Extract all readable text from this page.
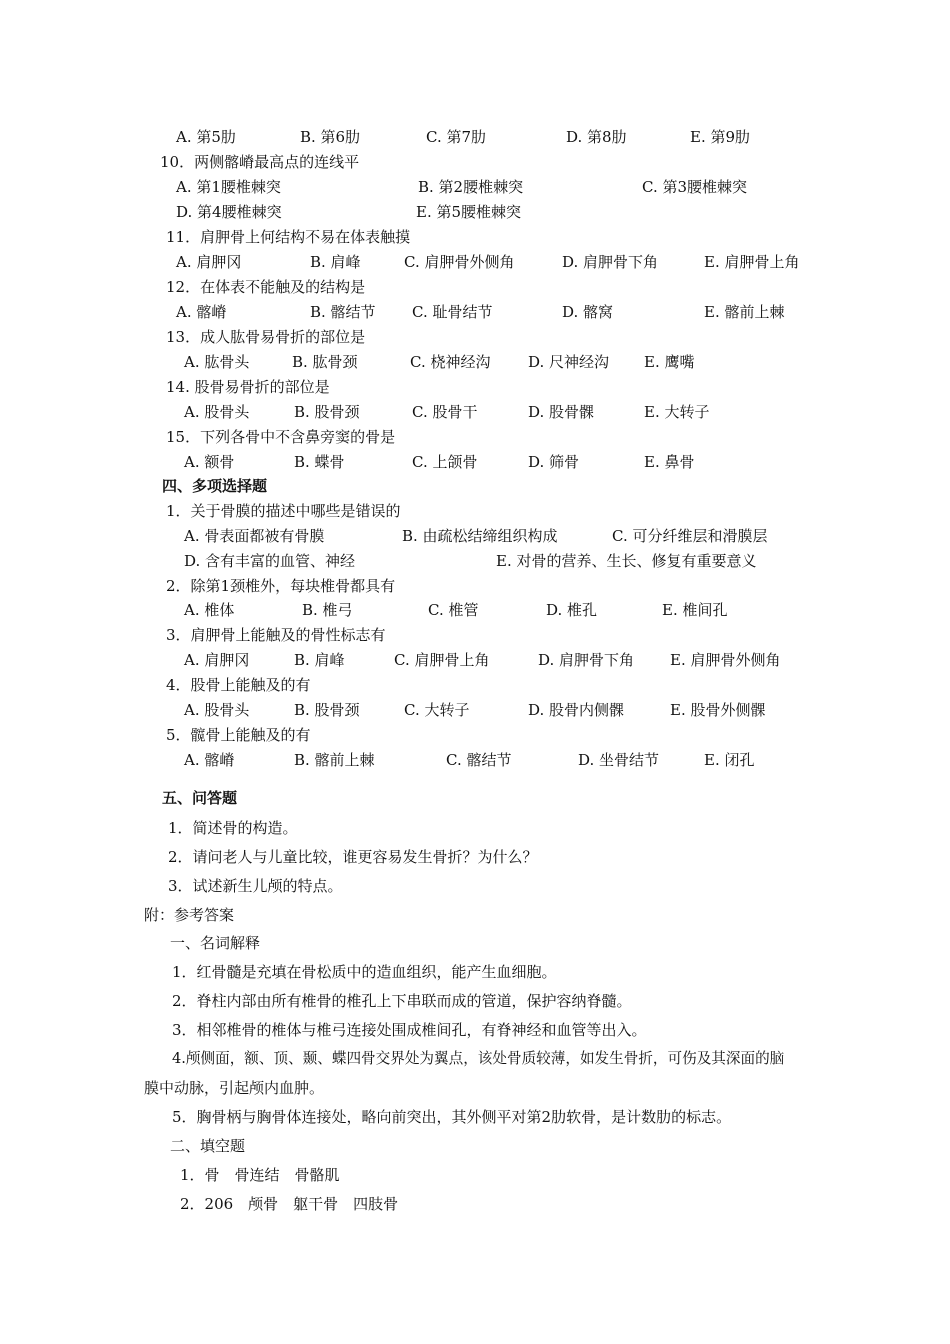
A. 第5肋	B. 第6肋	C. 第7肋	D. 第8肋	E. 第9肋
10．两侧髂嵴最高点的连线平
A. 第1腰椎棘突	B. 第2腰椎棘突	C. 第3腰椎棘突
D. 第4腰椎棘突	E. 第5腰椎棘突
11．肩胛骨上何结构不易在体表触摸
A. 肩胛冈	B. 肩峰	C. 肩胛骨外侧角	D. 肩胛骨下角	E. 肩胛骨上角
12．在体表不能触及的结构是
A. 髂嵴	B. 髂结节 C. 耻骨结节	D. 髂窝	E. 髂前上棘
13．成人肱骨易骨折的部位是
A. 肱骨头	B. 肱骨颈	C. 桡神经沟	D. 尺神经沟 E. 鹰嘴
14. 股骨易骨折的部位是
A. 股骨头	B. 股骨颈	C. 股骨干	D. 股骨髁	E. 大转子
15．下列各骨中不含鼻旁窦的骨是
A. 额骨	B. 蝶骨	C. 上颌骨	D. 筛骨	E. 鼻骨
四、多项选择题
1．关于骨膜的描述中哪些是错误的
A. 骨表面都被有骨膜	B. 由疏松结缔组织构成	C. 可分纤维层和滑膜层
D. 含有丰富的血管、神经	E. 对骨的营养、生长、修复有重要意义
2．除第1颈椎外，每块椎骨都具有
A. 椎体	B. 椎弓	C. 椎管	D. 椎孔	E. 椎间孔
3．肩胛骨上能触及的骨性标志有
A. 肩胛冈	B. 肩峰	C. 肩胛骨上角	D. 肩胛骨下角 E. 肩胛骨外侧角
4．股骨上能触及的有
A. 股骨头	B. 股骨颈	C. 大转子	D. 股骨内侧髁	E. 股骨外侧髁
5．髋骨上能触及的有
A. 髂嵴	B. 髂前上棘	C. 髂结节	D. 坐骨结节	E. 闭孔
五、问答题
1．简述骨的构造。
2．请问老人与儿童比较，谁更容易发生骨折？为什么？
3．试述新生儿颅的特点。
附：参考答案
一、名词解释
1．红骨髓是充填在骨松质中的造血组织，能产生血细胞。
2．脊柱内部由所有椎骨的椎孔上下串联而成的管道，保护容纳脊髓。
3．相邻椎骨的椎体与椎弓连接处围成椎间孔，有脊神经和血管等出入。
4.颅侧面，额、顶、颞、蝶四骨交界处为翼点，该处骨质较薄，如发生骨折，可伤及其深面的脑
膜中动脉，引起颅内血肿。
5．胸骨柄与胸骨体连接处，略向前突出，其外侧平对第2肋软骨，是计数肋的标志。
二、填空题
1．骨　骨连结　骨骼肌
2．206　颅骨　躯干骨　四肢骨
